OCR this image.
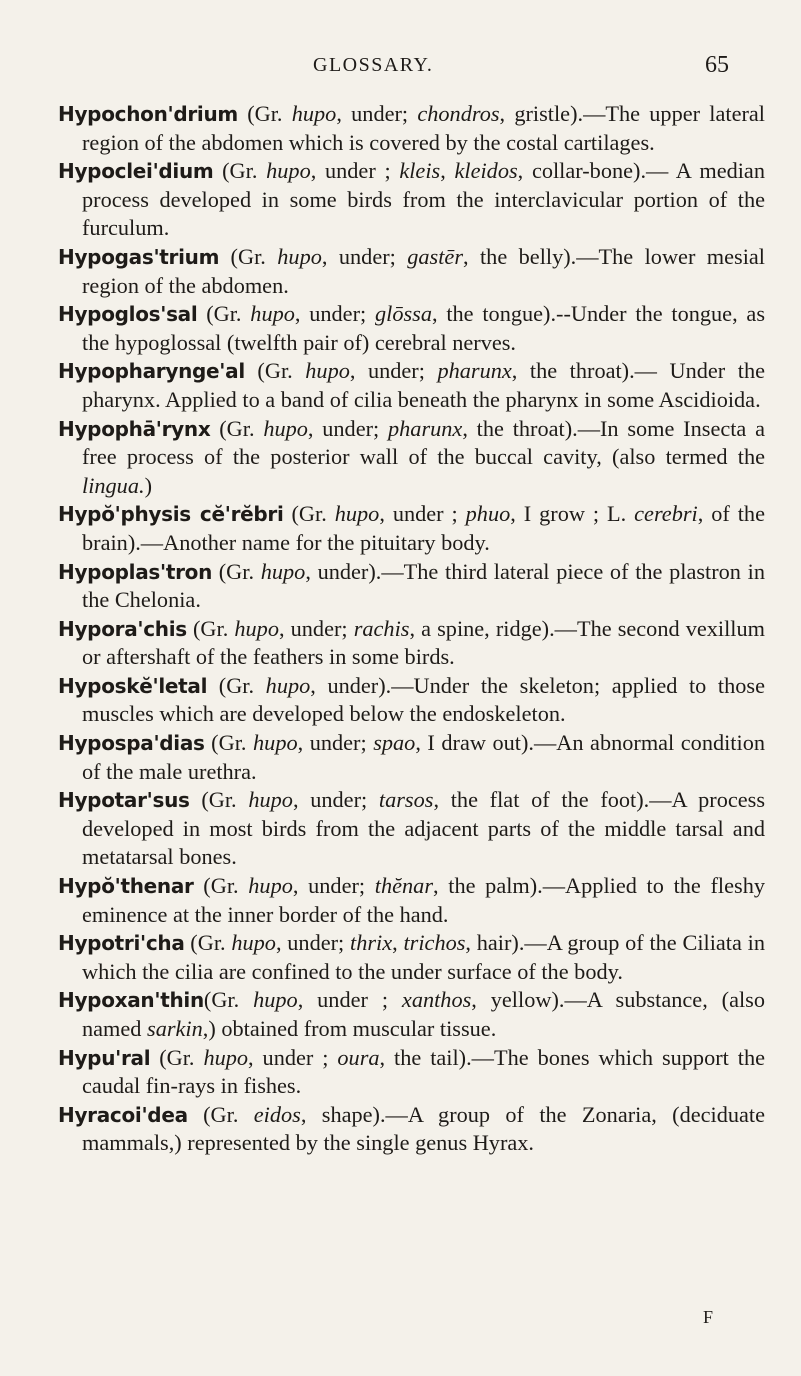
GLOSSARY.	65

Hypochon'drium (Gr. hupo, under; chondros, gristle).—The upper lateral region of the abdomen which is covered by the costal cartilages.

Hypoclei'dium (Gr. hupo, under ; kleis, kleidos, collar-bone).— A median process developed in some birds from the interclavicular portion of the furculum.

Hypogas'trium (Gr. hupo, under; gastēr, the belly).—The lower mesial region of the abdomen.

Hypoglos'sal (Gr. hupo, under; glōssa, the tongue).--Under the tongue, as the hypoglossal (twelfth pair of) cerebral nerves.

Hypopharynge'al (Gr. hupo, under; pharunx, the throat).— Under the pharynx. Applied to a band of cilia beneath the pharynx in some Ascidioida.

Hypophā'rynx (Gr. hupo, under; pharunx, the throat).—In some Insecta a free process of the posterior wall of the buccal cavity, (also termed the lingua.)

Hypŏ'physis cĕ'rĕbri (Gr. hupo, under ; phuo, I grow ; L. cerebri, of the brain).—Another name for the pituitary body.

Hypoplas'tron (Gr. hupo, under).—The third lateral piece of the plastron in the Chelonia.

Hypora'chis (Gr. hupo, under; rachis, a spine, ridge).—The second vexillum or aftershaft of the feathers in some birds.

Hyposkĕ'letal (Gr. hupo, under).—Under the skeleton; applied to those muscles which are developed below the endoskeleton.

Hypospa'dias (Gr. hupo, under; spao, I draw out).—An abnormal condition of the male urethra.

Hypotar'sus (Gr. hupo, under; tarsos, the flat of the foot).—A process developed in most birds from the adjacent parts of the middle tarsal and metatarsal bones.

Hypŏ'thenar (Gr. hupo, under; thĕnar, the palm).—Applied to the fleshy eminence at the inner border of the hand.

Hypotri'cha (Gr. hupo, under; thrix, trichos, hair).—A group of the Ciliata in which the cilia are confined to the under surface of the body.

Hypoxan'thin(Gr. hupo, under ; xanthos, yellow).—A substance, (also named sarkin,) obtained from muscular tissue.

Hypu'ral (Gr. hupo, under ; oura, the tail).—The bones which support the caudal fin-rays in fishes.

Hyracoi'dea (Gr. eidos, shape).—A group of the Zonaria, (deciduate mammals,) represented by the single genus Hyrax.

F
